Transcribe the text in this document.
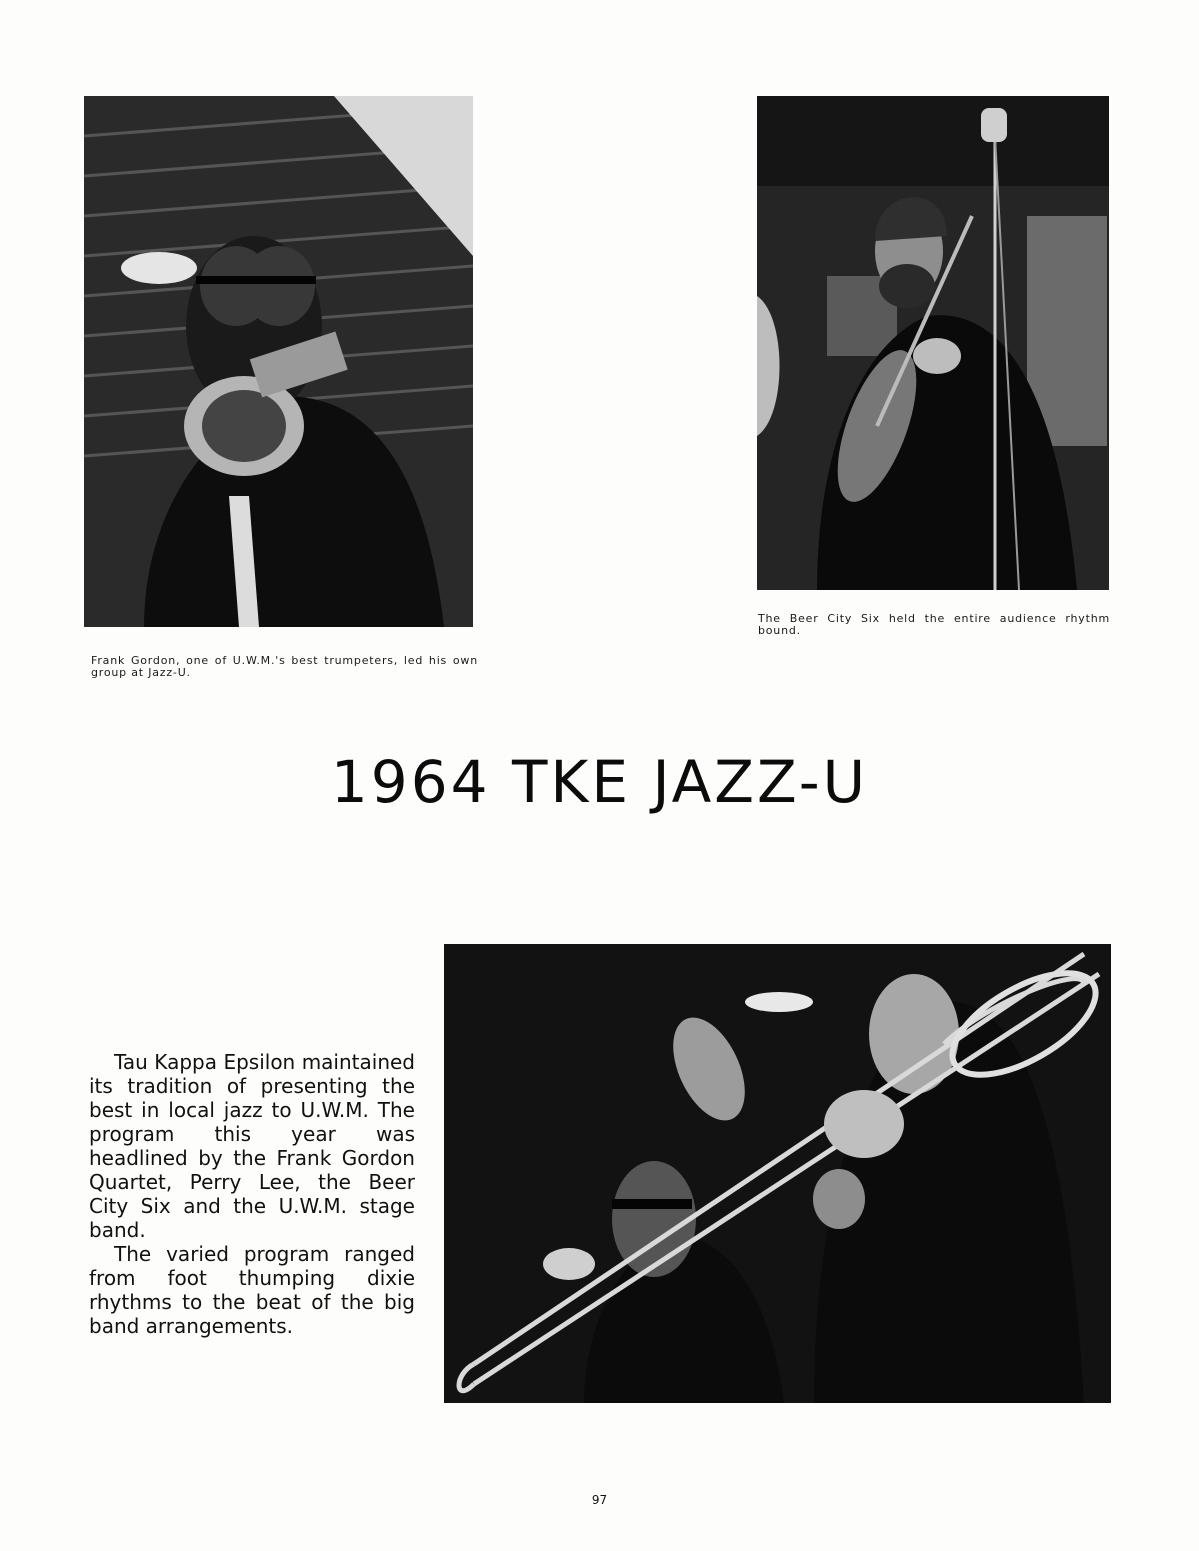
Frank Gordon, one of U.W.M.'s best trumpeters, led his own group at Jazz-U.
The Beer City Six held the entire audience rhythm bound.
1964 TKE JAZZ-U

Tau Kappa Epsilon maintained its tradition of presenting the best in local jazz to U.W.M. The program this year was headlined by the Frank Gordon Quartet, Perry Lee, the Beer City Six and the U.W.M. stage band.

The varied program ranged from foot thumping dixie rhythms to the beat of the big band arrangements.

97
